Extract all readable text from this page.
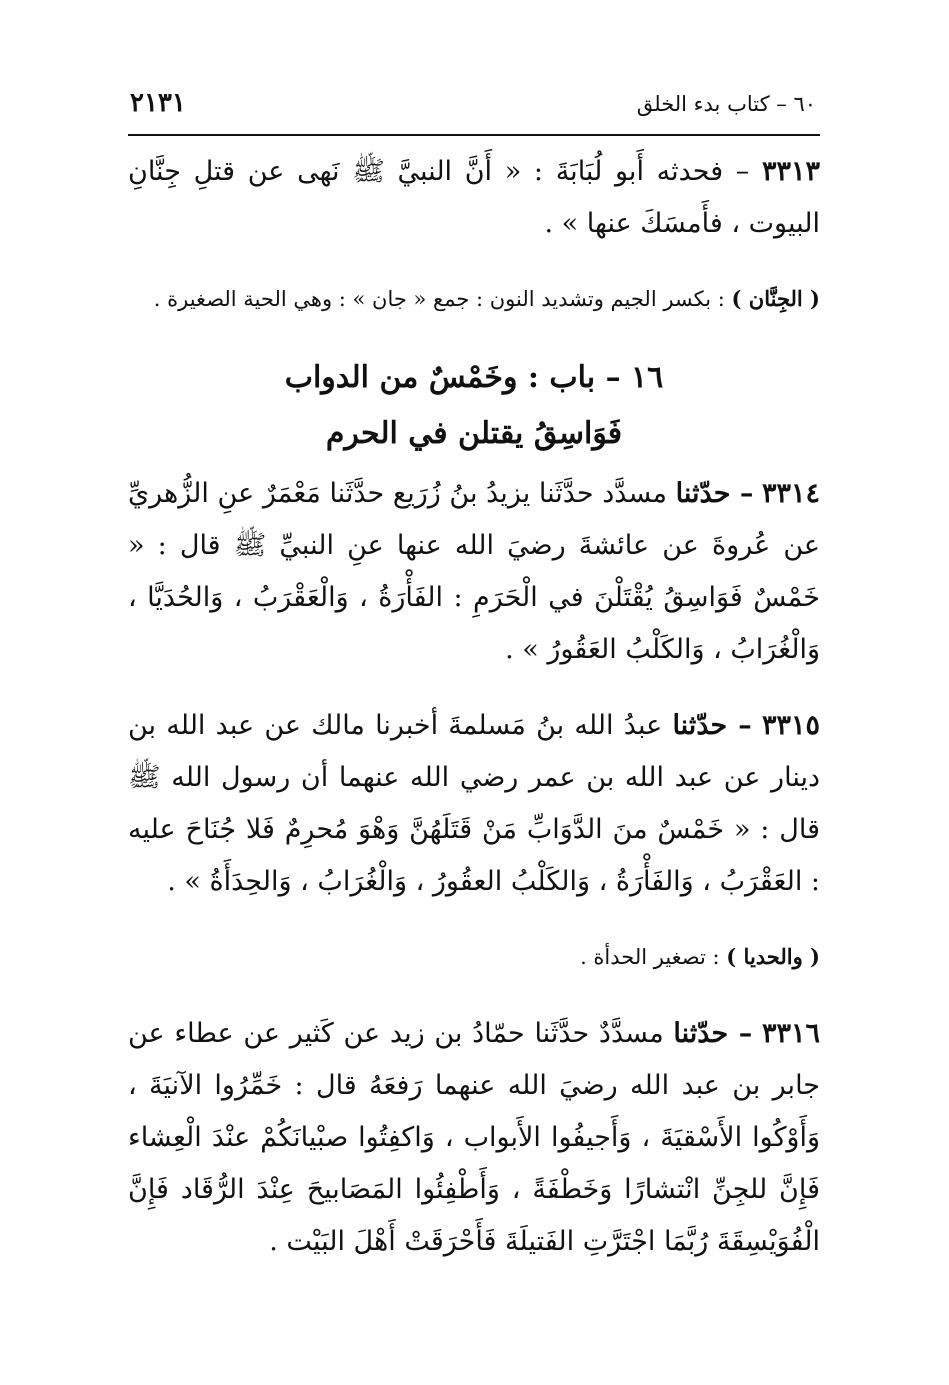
٦٠ – كتاب بدء الخلق
٢١٣١

٣٣١٣ – فحدثه أَبو لُبَابَةَ : « أَنَّ النبيَّ ﷺ نَهى عن قتلِ جِنَّانِ البيوت ، فأَمسَكَ عنها » .

( الجِنَّان ) : بكسر الجيم وتشديد النون : جمع « جان » : وهي الحية الصغيرة .

١٦ – باب : وخَمْسٌ من الدواب
فَوَاسِقُ يقتلن في الحرم

٣٣١٤ – حدّثنا مسدَّد حدَّثَنا يزيدُ بنُ زُرَيع حدَّثَنا مَعْمَرٌ عنِ الزُّهريِّ عن عُروةَ عن عائشةَ رضيَ الله عنها عنِ النبيِّ ﷺ قال : « خَمْسٌ فَوَاسِقُ يُقْتَلْنَ في الْحَرَمِ : الفَأْرَةُ ، وَالْعَقْرَبُ ، وَالحُدَيَّا ، وَالْغُرَابُ ، وَالكَلْبُ العَقُورُ » .

٣٣١٥ – حدّثنا عبدُ الله بنُ مَسلمةَ أخبرنا مالك عن عبد الله بن دينار عن عبد الله بن عمر رضي الله عنهما أن رسول الله ﷺ قال : « خَمْسٌ منَ الدَّوَابِّ مَنْ قَتَلَهُنَّ وَهْوَ مُحرِمٌ فَلا جُنَاحَ عليه : العَقْرَبُ ، وَالفَأْرَةُ ، وَالكَلْبُ العقُورُ ، وَالْغُرَابُ ، وَالحِدَأَةُ » .

( والحديا ) : تصغير الحدأة .

٣٣١٦ – حدّثنا مسدَّدٌ حدَّثَنا حمّادُ بن زيد عن كَثير عن عطاء عن جابر بن عبد الله رضيَ الله عنهما رَفعَهُ قال : خَمِّرُوا الآنيَةَ ، وَأَوْكُوا الأَسْقيَةَ ، وَأَجيفُوا الأَبواب ، وَاكفِتُوا صبْيانَكُمْ عنْدَ الْعِشاء فَإِنَّ للجِنِّ انْتشارًا وَخَطْفَةً ، وَأَطْفِئُوا المَصَابيحَ عِنْدَ الرُّقَاد فَإِنَّ الْفُوَيْسِقَةَ رُبَّمَا اجْتَرَّتِ الفَتيلَةَ فَأَحْرَقَتْ أَهْلَ البَيْت .
